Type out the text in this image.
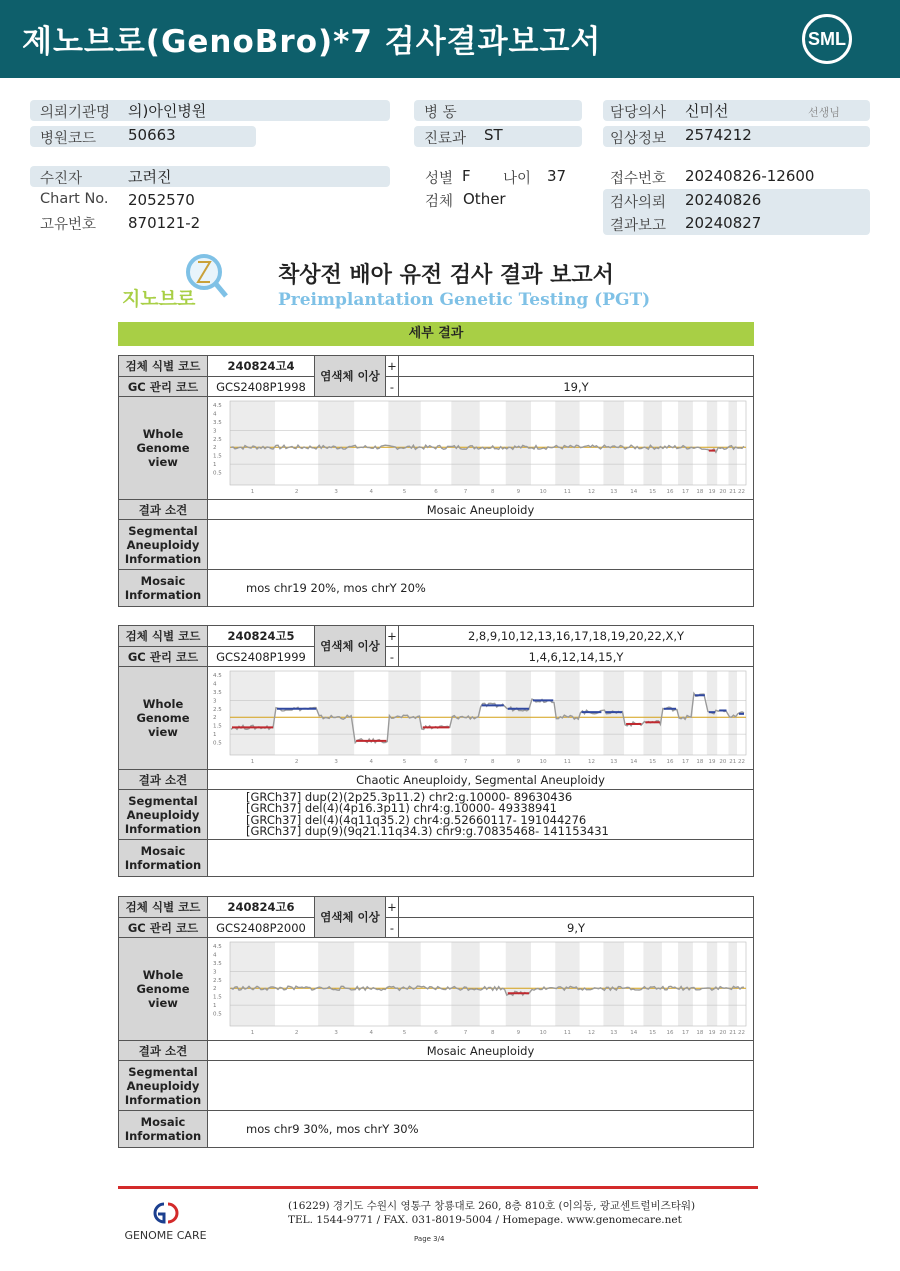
제노브로(GenoBro)*7 검사결과보고서	SML
의뢰기관명 의)아인병원
병원코드 50663
병 동
진료과 ST
담당의사 신미선	선생님
임상정보 2574212
수진자	고려진
Chart No. 2052570
고유번호 870121-2
성별 F 나이 37
검체 Other
접수번호 20240826-12600
검사의뢰 20240826
결과보고 20240827
지노브로
착상전 배아 유전 검사 결과 보고서
Preimplantation Genetic Testing (PGT)
세부 결과
검체 식별 코드	240824고4	+
GC 관리 코드	GCS2408P1998	-	19,Y
염색체 이상
Whole Genome view
1	2	3	4	5	6	7	8	9	10	11	12	13 14 15 16 17 18 19 20 21 22
4.5
4
3.5
3
2.5
2
1.5
1
0.5
결과 소견	Mosaic Aneuploidy
Segmental Aneuploidy Information
Mosaic Information	mos chr19 20%, mos chrY 20%
검체 식별 코드	240824고5	+	2,8,9,10,12,13,16,17,18,19,20,22,X,Y
GC 관리 코드	GCS2408P1999	-	1,4,6,12,14,15,Y
염색체 이상
Whole Genome view
1	2	3	4	5	6	7	8	9	10	11	12	13 14 15 16 17 18 19 20 21 22
4.5
4
3.5
3
2.5
2
1.5
1
0.5
결과 소견	Chaotic Aneuploidy, Segmental Aneuploidy
Segmental Aneuploidy Information
[GRCh37] dup(2)(2p25.3p11.2) chr2:g.10000- 89630436
[GRCh37] del(4)(4p16.3p11) chr4:g.10000- 49338941
[GRCh37] del(4)(4q11q35.2) chr4:g.52660117- 191044276
[GRCh37] dup(9)(9q21.11q34.3) chr9:g.70835468- 141153431
Mosaic Information
검체 식별 코드	240824고6	+
GC 관리 코드	GCS2408P2000	-	9,Y
염색체 이상
Whole Genome view
1	2	3	4	5	6	7	8	9	10	11	12	13 14 15 16 17 18 19 20 21 22
4.5
4
3.5
3
2.5
2
1.5
1
0.5
결과 소견	Mosaic Aneuploidy
Segmental Aneuploidy Information
Mosaic Information	mos chr9 30%, mos chrY 30%
GENOME CARE
(16229) 경기도 수원시 영통구 창룡대로 260, 8층 810호 (이의동, 광교센트럴비즈타워)
TEL. 1544-9771 / FAX. 031-8019-5004 / Homepage. www.genomecare.net
Page 3/4
